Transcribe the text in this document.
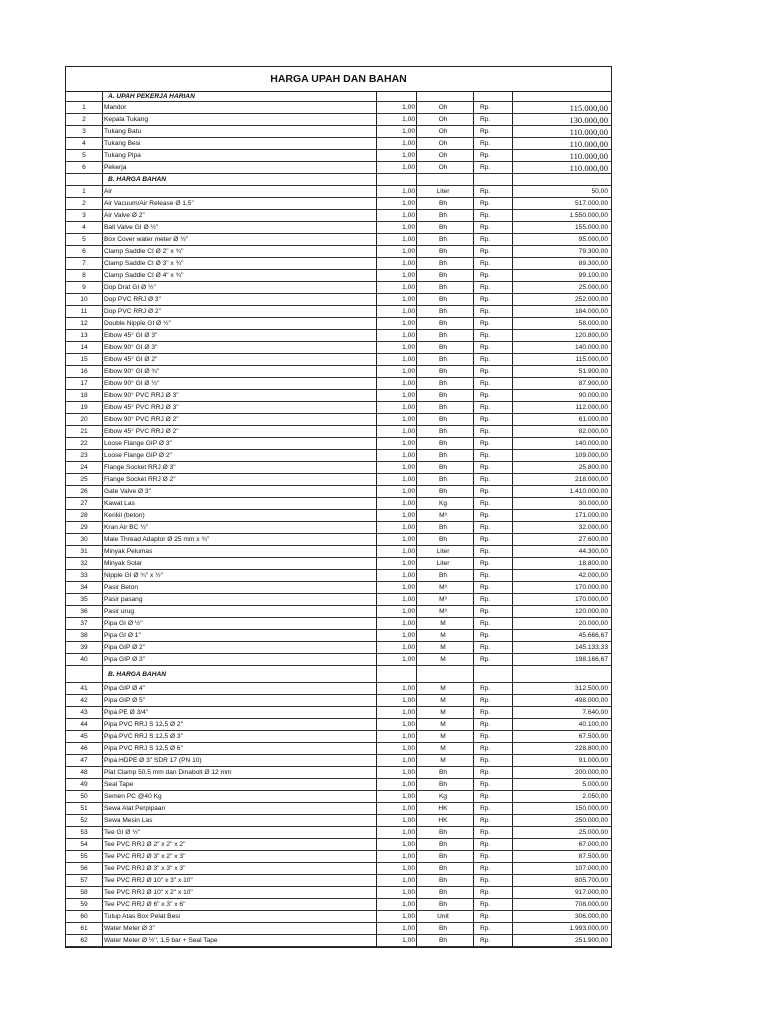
HARGA UPAH DAN BAHAN
A. UPAH PEKERJA HARIAN
1	Mandor	1,00	Oh	Rp.	115.000,00
2	Kepala Tukang	1,00	Oh	Rp.	130.000,00
3	Tukang Batu	1,00	Oh	Rp.	110.000,00
4	Tukang Besi	1,00	Oh	Rp.	110.000,00
5	Tukang Pipa	1,00	Oh	Rp.	110.000,00
6	Pekerja	1,00	Oh	Rp.	110.000,00
B. HARGA BAHAN
1	Air	1,00	Liter	Rp.	50,00
2	Air Vacuum/Air Release Ø 1,5"	1,00	Bh	Rp.	517.000,00
3	Air Valve Ø 2"	1,00	Bh	Rp.	1.550.000,00
4	Ball Valve GI Ø ½"	1,00	Bh	Rp.	155.000,00
5	Box Cover water meter Ø ½"	1,00	Bh	Rp.	95.000,00
6	Clamp Saddle CI Ø 2" x ¾"	1,00	Bh	Rp.	79.300,00
7	Clamp Saddle CI Ø 3" x ¾"	1,00	Bh	Rp.	89.300,00
8	Clamp Saddle CI Ø 4" x ¾"	1,00	Bh	Rp.	99.100,00
9	Dop Drat GI Ø ½"	1,00	Bh	Rp.	25.000,00
10	Dop PVC RRJ Ø 3"	1,00	Bh	Rp.	252.000,00
11	Dop PVC RRJ Ø 2"	1,00	Bh	Rp.	184.000,00
12	Double Nipple GI Ø ½"	1,00	Bh	Rp.	58.000,00
13	Elbow 45° GI Ø 3"	1,00	Bh	Rp.	120.800,00
14	Elbow 90° GI Ø 3"	1,00	Bh	Rp.	140.000,00
15	Elbow 45° GI Ø 2"	1,00	Bh	Rp.	115.000,00
16	Elbow 90° GI Ø ¾"	1,00	Bh	Rp.	51.900,00
17	Elbow 90° GI Ø ½"	1,00	Bh	Rp.	87.900,00
18	Elbow 90° PVC RRJ Ø 3"	1,00	Bh	Rp.	90.000,00
19	Elbow 45° PVC RRJ Ø 3"	1,00	Bh	Rp.	112.000,00
20	Elbow 90° PVC RRJ Ø 2"	1,00	Bh	Rp.	61.000,00
21	Elbow 45° PVC RRJ Ø 2"	1,00	Bh	Rp.	82.000,00
22	Loose Flange GIP Ø 3"	1,00	Bh	Rp.	140.000,00
23	Loose Flange GIP Ø 2"	1,00	Bh	Rp.	109.000,00
24	Flange Socket RRJ Ø 3"	1,00	Bh	Rp.	25.800,00
25	Flange Socket RRJ Ø 2"	1,00	Bh	Rp.	218.000,00
26	Gate Valve Ø 3"	1,00	Bh	Rp.	1.410.000,00
27	Kawat Las	1,00	Kg	Rp.	30.000,00
28	Kerikil (beton)	1,00	M³	Rp.	171.000,00
29	Kran Air BC ½"	1,00	Bh	Rp.	32.000,00
30	Male Thread Adaptor Ø 25 mm x ¾"	1,00	Bh	Rp.	27.600,00
31	Minyak Pelumas	1,00	Liter	Rp.	44.300,00
32	Minyak Solar	1,00	Liter	Rp.	18.800,00
33	Nipple GI Ø ¾" x ½"	1,00	Bh	Rp.	42.000,00
34	Pasir Beton	1,00	M³	Rp.	170.000,00
35	Pasir pasang	1,00	M³	Rp.	170.000,00
36	Pasir urug	1,00	M³	Rp.	120.000,00
37	Pipa GI Ø ½"	1,00	M	Rp.	20.000,00
38	Pipa GI Ø 1"	1,00	M	Rp.	45.666,67
39	Pipa GIP Ø 2"	1,00	M	Rp.	145.133,33
40	Pipa GIP Ø 3"	1,00	M	Rp.	198.166,67
B. HARGA BAHAN
41	Pipa GIP Ø 4"	1,00	M	Rp.	312.500,00
42	Pipa GIP Ø 5"	1,00	M	Rp.	498.000,00
43	Pipa PE Ø 3/4"	1,00	M	Rp.	7.640,00
44	Pipa PVC RRJ S 12,5 Ø 2"	1,00	M	Rp.	40.100,00
45	Pipa PVC RRJ S 12,5 Ø 3"	1,00	M	Rp.	67.500,00
46	Pipa PVC RRJ S 12,5 Ø 6"	1,00	M	Rp.	228.800,00
47	Pipa HDPE Ø 3" SDR 17 (PN 10)	1,00	M	Rp.	91.000,00
48	Plat Clamp 50.5 mm dan Dinabolt Ø 12 mm	1,00	Bh	Rp.	200.000,00
49	Seal Tape	1,00	Bh	Rp.	5.000,00
50	Semen PC @40 Kg	1,00	Kg	Rp.	2.050,00
51	Sewa Alat Perpipaan	1,00	HK	Rp.	150.000,00
52	Sewa Mesin Las	1,00	HK	Rp.	250.000,00
53	Tee GI Ø ½"	1,00	Bh	Rp.	25.000,00
54	Tee PVC RRJ Ø 2" x 2" x 2"	1,00	Bh	Rp.	67.000,00
55	Tee PVC RRJ Ø 3" x 2" x 3"	1,00	Bh	Rp.	87.500,00
56	Tee PVC RRJ Ø 3" x 3" x 3"	1,00	Bh	Rp.	107.000,00
57	Tee PVC RRJ Ø 10" x 3" x 10"	1,00	Bh	Rp.	805.700,00
58	Tee PVC RRJ Ø 10" x 2" x 10"	1,00	Bh	Rp.	917.000,00
59	Tee PVC RRJ Ø 6" x 3" x 6"	1,00	Bh	Rp.	708.000,00
60	Tutup Atas Box Pelat Besi	1,00	Unit	Rp.	306.000,00
61	Water Meter Ø 3"	1,00	Bh	Rp.	1.993.000,00
62	Water Meter Ø ½", 1,5 bar + Seal Tape	1,00	Bh	Rp.	251.900,00
